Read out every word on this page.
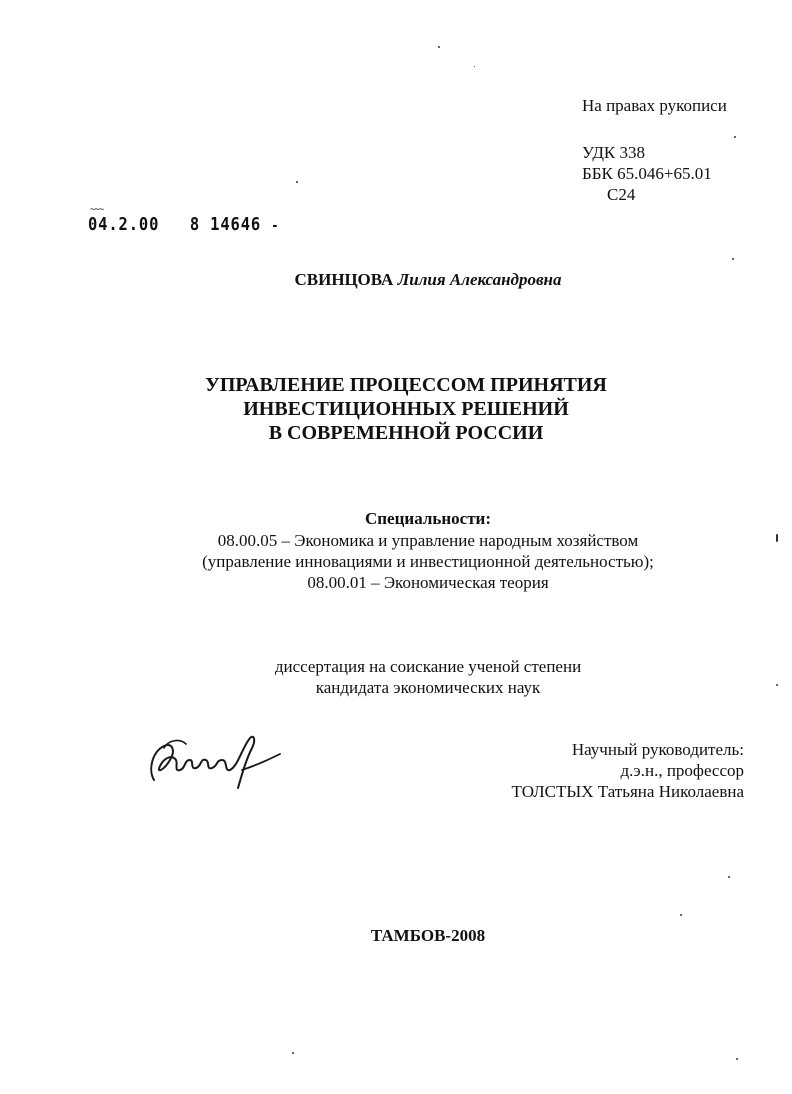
На правах рукописи
УДК 338
ББК 65.046+65.01
С24
04.2.00 8 14646 -
~~~
СВИНЦОВА Лилия Александровна
УПРАВЛЕНИЕ ПРОЦЕССОМ ПРИНЯТИЯ
ИНВЕСТИЦИОННЫХ РЕШЕНИЙ
В СОВРЕМЕННОЙ РОССИИ
Специальности:
08.00.05 – Экономика и управление народным хозяйством
(управление инновациями и инвестиционной деятельностью);
08.00.01 – Экономическая теория
диссертация на соискание ученой степени
кандидата экономических наук
Научный руководитель:
д.э.н., профессор
ТОЛСТЫХ Татьяна Николаевна
ТАМБОВ-2008
